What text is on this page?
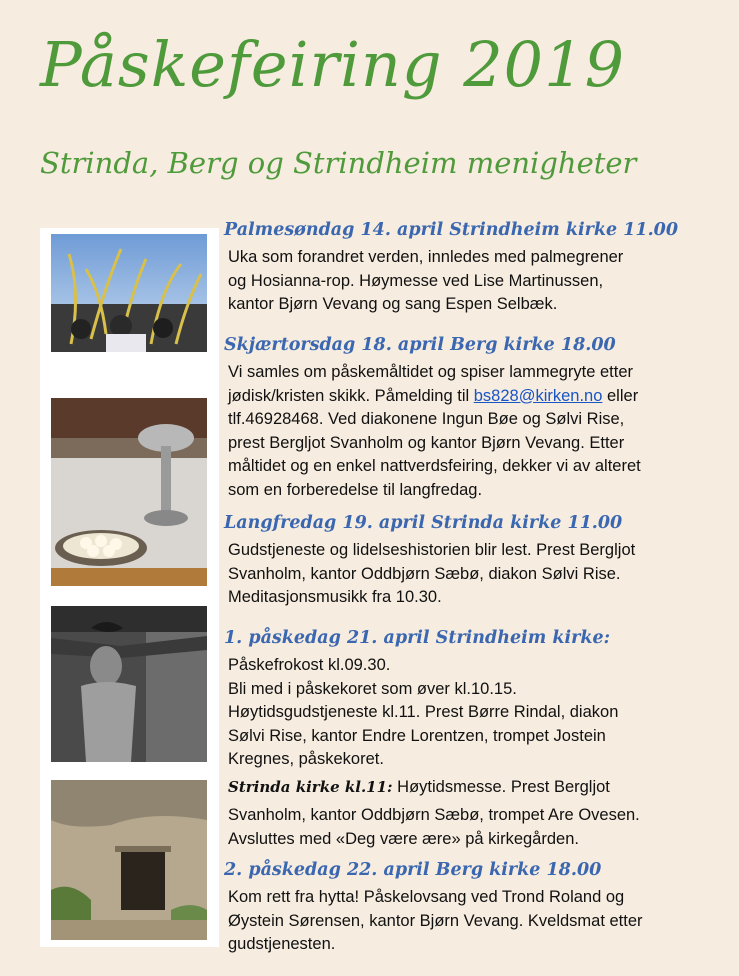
Påskefeiring 2019
Strinda, Berg og Strindheim menigheter
Palmesøndag 14. april Strindheim kirke 11.00

Uka som forandret verden, innledes med palmegrener
og Hosianna-rop. Høymesse ved Lise Martinussen,
kantor Bjørn Vevang og sang Espen Selbæk.

Skjærtorsdag 18. april Berg kirke 18.00

Vi samles om påskemåltidet og spiser lammegryte etter
jødisk/kristen skikk. Påmelding til bs828@kirken.no eller
tlf.46928468. Ved diakonene Ingun Bøe og Sølvi Rise,
prest Bergljot Svanholm og kantor Bjørn Vevang. Etter
måltidet og en enkel nattverdsfeiring, dekker vi av alteret
som en forberedelse til langfredag.

Langfredag 19. april Strinda kirke 11.00

Gudstjeneste og lidelseshistorien blir lest. Prest Bergljot
Svanholm, kantor Oddbjørn Sæbø, diakon Sølvi Rise.
Meditasjonsmusikk fra 10.30.

1. påskedag 21. april Strindheim kirke:

Påskefrokost kl.09.30.
Bli med i påskekoret som øver kl.10.15.
Høytidsgudstjeneste kl.11. Prest Børre Rindal, diakon
Sølvi Rise, kantor Endre Lorentzen, trompet Jostein
Kregnes, påskekoret.
Strinda kirke kl.11: Høytidsmesse. Prest Bergljot
Svanholm, kantor Oddbjørn Sæbø, trompet Are Ovesen.
Avsluttes med «Deg være ære» på kirkegården.

2. påskedag 22. april Berg kirke 18.00

Kom rett fra hytta! Påskelovsang ved Trond Roland og
Øystein Sørensen, kantor Bjørn Vevang. Kveldsmat etter
gudstjenesten.
